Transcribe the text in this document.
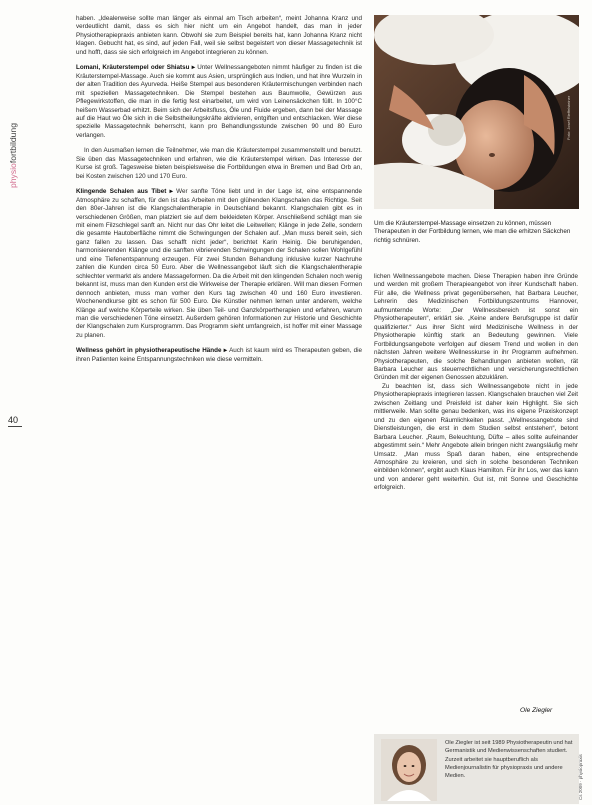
physiofortbildung
40

haben. „Idealerweise sollte man länger als einmal am Tisch arbeiten“, meint Johanna Kranz und verdeutlicht damit, dass es sich hier nicht um ein Angebot handelt, das man in jeder Physiotherapiepraxis anbieten kann. Obwohl sie zum Beispiel bereits hat, kann Johanna Kranz nicht klagen. Gebucht hat, es sind, auf jeden Fall, weil sie selbst begeistert von dieser Massagetechnik ist und hofft, dass sie sich erfolgreich im Angebot integrieren zu können.

Lomani, Kräuterstempel oder Shiatsu ▸ Unter Wellnessangeboten nimmt häufiger zu finden ist die Kräuterstempel-Massage. Auch sie kommt aus Asien, ursprünglich aus Indien, und hat ihre Wurzeln in der alten Tradition des Ayurveda. Heiße Stempel aus besonderen Kräutermischungen verbinden nach mit speziellen Massagetechniken. Die Stempel bestehen aus Baumwolle, Gewürzen aus Pflegewirkstoffen, die man in die fertig fest einarbeitet, um wird von Leinensäckchen füllt. In 100°C heißem Wasserbad erhitzt. Beim sich der Arbeitsfluss, Öle und Fluide ergeben, dann bei der Massage auf die Haut wo Öle sich in die Selbstheilungskräfte aktivieren, entgiften und entschlacken. Wer diese spezielle Massagetechnik beherrscht, kann pro Behandlungsstunde zwischen 90 und 80 Euro verlangen.

In den Ausmaßen lernen die Teilnehmer, wie man die Kräuterstempel zusammenstellt und benutzt. Sie üben das Massagetechniken und erfahren, wie die Kräuterstempel wirken. Das Interesse der Kurse ist groß. Tagesweise bieten beispielsweise die Fortbildungen etwa in Bremen und Bad Orb an, bei Kosten zwischen 120 und 170 Euro.

Klingende Schalen aus Tibet ▸ Wer sanfte Töne liebt und in der Lage ist, eine entspannende Atmosphäre zu schaffen, für den ist das Arbeiten mit den glühenden Klangschalen das Richtige. Seit den 80er-Jahren ist die Klangschalentherapie in Deutschland bekannt. Klangschalen gibt es in verschiedenen Größen, man platziert sie auf dem bekleideten Körper. Anschließend schlägt man sie mit einem Filzschlegel sanft an. Nicht nur das Ohr leitet die Leitwellen; Klänge in jede Zelle, sondern die gesamte Hautoberfläche nimmt die Schwingungen der Schalen auf. „Man muss bereit sein, sich ganz fallen zu lassen. Das schafft nicht jeder“, berichtet Karin Heinig. Die beruhigenden, harmonisierenden Klänge und die sanften vibrierenden Schwingungen der Schalen sollen Wohlgefühl und eine Tiefenentspannung erzeugen. Für zwei Stunden Behandlung inklusive kurzer Nachruhe zahlen die Kunden circa 50 Euro. Aber die Wellnessangebot läuft sich die Klangschalentherapie schlechter vermarkt als andere Massageformen. Da die Arbeit mit den klingenden Schalen noch wenig bekannt ist, muss man den Kunden erst die Wirkweise der Therapie erklären. Will man diesen Formen dennoch anbieten, muss man vorher den Kurs tag zwischen 40 und 160 Euro investieren. Wochenendkurse gibt es schon für 500 Euro. Die Künstler nehmen lernen unter anderem, welche Klänge auf welche Körperteile wirken. Sie üben Teil- und Ganzkörpertherapien und erfahren, warum man die verschiedenen Töne einsetzt. Außerdem gehören Informationen zur Historie und Geschichte der Klangschalen zum Kursprogramm. Das Programm sieht umfangreich, ist hoffer mit einer Massage zu planen.

Wellness gehört in physiotherapeutische Hände ▸ Auch ist kaum wird es Therapeuten geben, die ihren Patienten keine Entspannungstechniken wie diese vermitteln.

Foto: Josef Rieffelsteiner
Um die Kräuterstempel-Massage einsetzen zu können, müssen Therapeuten in der Fortbildung lernen, wie man die erhitzen Säckchen richtig schnüren.

lichen Wellnessangebote machen. Diese Therapien haben ihre Gründe und werden mit großem Therapieangebot von ihrer Kundschaft haben. Für alle, die Wellness privat gegenübersehen, hat Barbara Leucher, Lehrerin des Medizinischen Fortbildungszentrums Hannover, aufmunternde Worte: „Der Wellnessbereich ist sonst ein Physiotherapeuten“, erklärt sie. „Keine andere Berufsgruppe ist dafür qualifizierter.“ Aus ihrer Sicht wird Medizinische Wellness in der Physiotherapie künftig stark an Bedeutung gewinnen. Viele Fortbildungsangebote verfolgen auf diesem Trend und wollen in den nächsten Jahren weitere Wellnesskurse in ihr Programm aufnehmen. Physiotherapeuten, die solche Behandlungen anbieten wollen, rät Barbara Leucher aus steuerrechtlichen und versicherungsrechtlichen Gründen mit der eigenen Genossen abzuklären.

Zu beachten ist, dass sich Wellnessangebote nicht in jede Physiotherapiepraxis integrieren lassen. Klangschalen brauchen viel Zeit zwischen Zeitlang und Preisfeld ist daher kein Highlight. Sie sich mittlerweile. Man sollte genau bedenken, was ins eigene Praxiskonzept und zu den eigenen Räumlichkeiten passt. „Wellnessangebote sind Dienstleistungen, die erst in dem Studien selbst entstehen“, betont Barbara Leucher. „Raum, Beleuchtung, Düfte – alles sollte aufeinander abgestimmt sein.“ Mehr Angebote allein bringen nicht zwangsläufig mehr Umsatz. „Man muss Spaß daran haben, eine entsprechende Atmosphäre zu kreieren, und sich in solche besonderen Techniken einbilden können“, ergibt auch Klaus Hamilton. Für ihr Los, wer das kann und von anderer geht weiterhin. Gut ist, mit Sonne und Geschichte erfolgreich.

Ole Ziegler
Ole Ziegler ist seit 1989 Physiotherapeutin und hat Germanistik und Medienwissenschaften studiert. Zurzeit arbeitet sie hauptberuflich als Medienjournalistin für physiopraxis und andere Medien.	Cs 2009 · physiopraxis
